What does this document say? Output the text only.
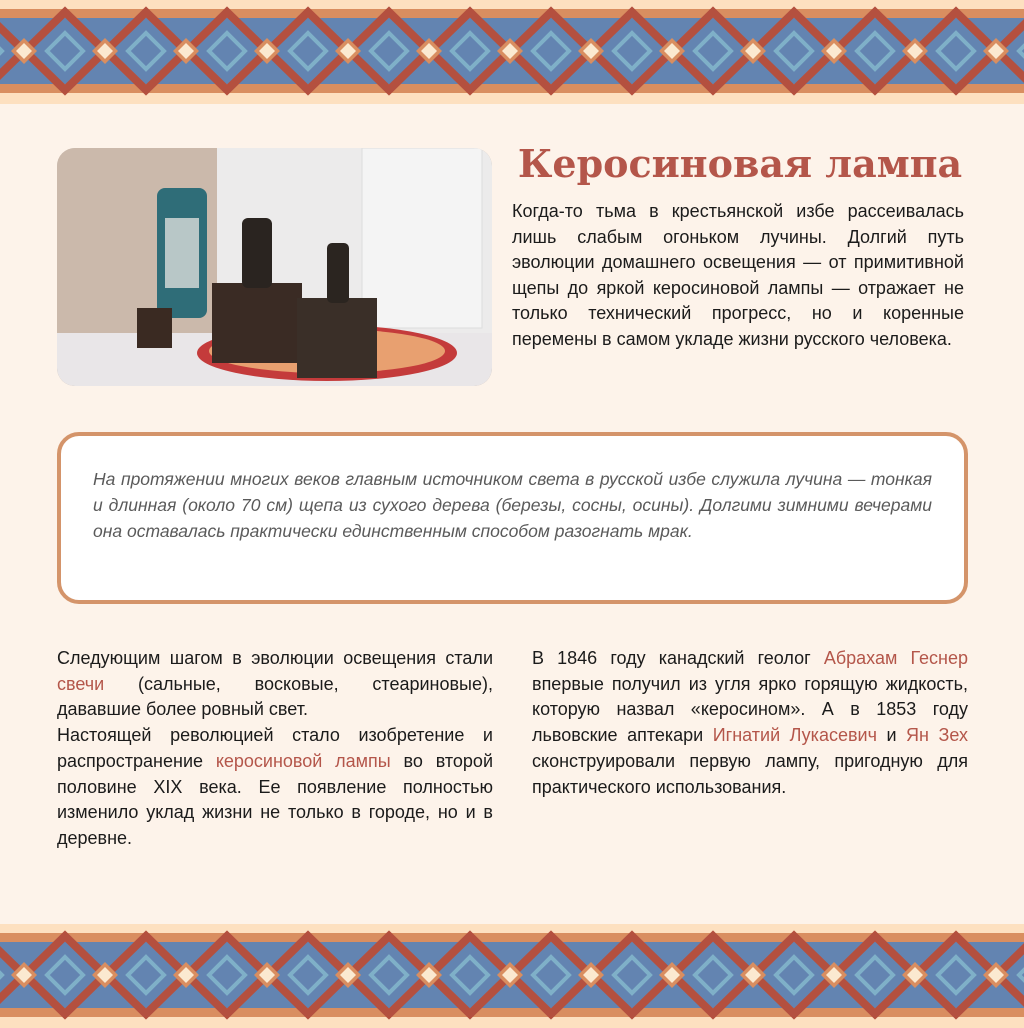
Керосиновая лампа

Когда-то тьма в крестьянской избе рассеивалась лишь слабым огоньком лучины. Долгий путь эволюции домашнего освещения — от примитивной щепы до яркой керосиновой лампы — отражает не только технический прогресс, но и коренные перемены в самом укладе жизни русского человека.

На протяжении многих веков главным источником света в русской избе служила лучина — тонкая и длинная (около 70 см) щепа из сухого дерева (березы, сосны, осины). Долгими зимними вечерами она оставалась практически единственным способом разогнать мрак.

Следующим шагом в эволюции освещения стали свечи (сальные, восковые, стеариновые), дававшие более ровный свет.

Настоящей революцией стало изобретение и распространение керосиновой лампы во второй половине XIX века. Ее появление полностью изменило уклад жизни не только в городе, но и в деревне.

В 1846 году канадский геолог Абрахам Геснер впервые получил из угля ярко горящую жидкость, которую назвал «керосином». А в 1853 году львовские аптекари Игнатий Лукасевич и Ян Зех сконструировали первую лампу, пригодную для практического использования.
